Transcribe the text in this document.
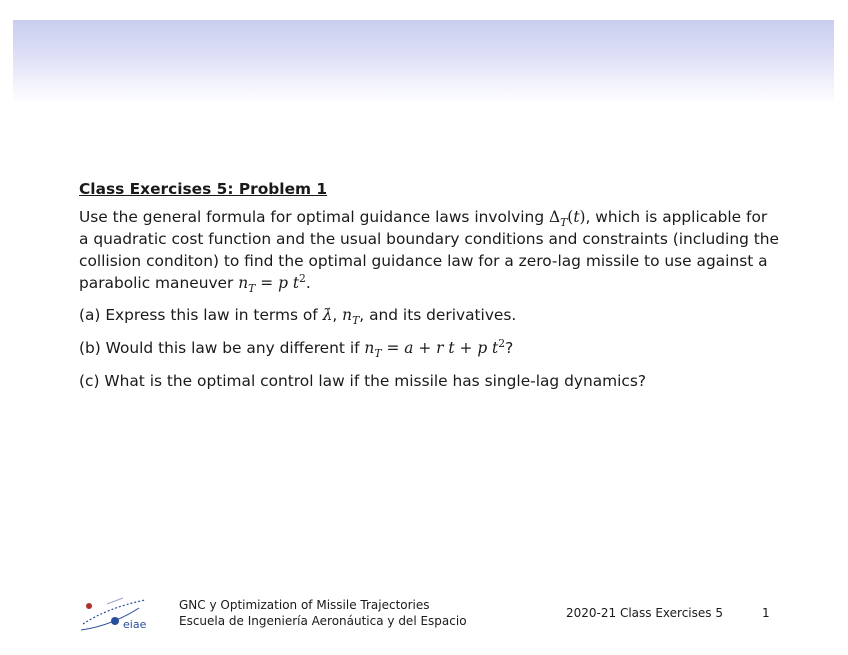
Class Exercises 5: Problem 1
Use the general formula for optimal guidance laws involving $\Delta_T(t)$, which is applicable for a quadratic cost function and the usual boundary conditions and constraints (including the collision conditon) to find the optimal guidance law for a zero-lag missile to use against a parabolic maneuver $n_T = p$ $t^2$.
(a) Express this law in terms of λ̇, $n_T$, and its derivatives.
(b) Would this law be any different if $n_T = a + r$ t + p $t^2$?
(c) What is the optimal control law if the missile has single-lag dynamics?
eiae
GNC y Optimization of Missile Trajectories
Escuela de Ingeniería Aeronáutica y del Espacio
2020-21 Class Exercises 5	1
